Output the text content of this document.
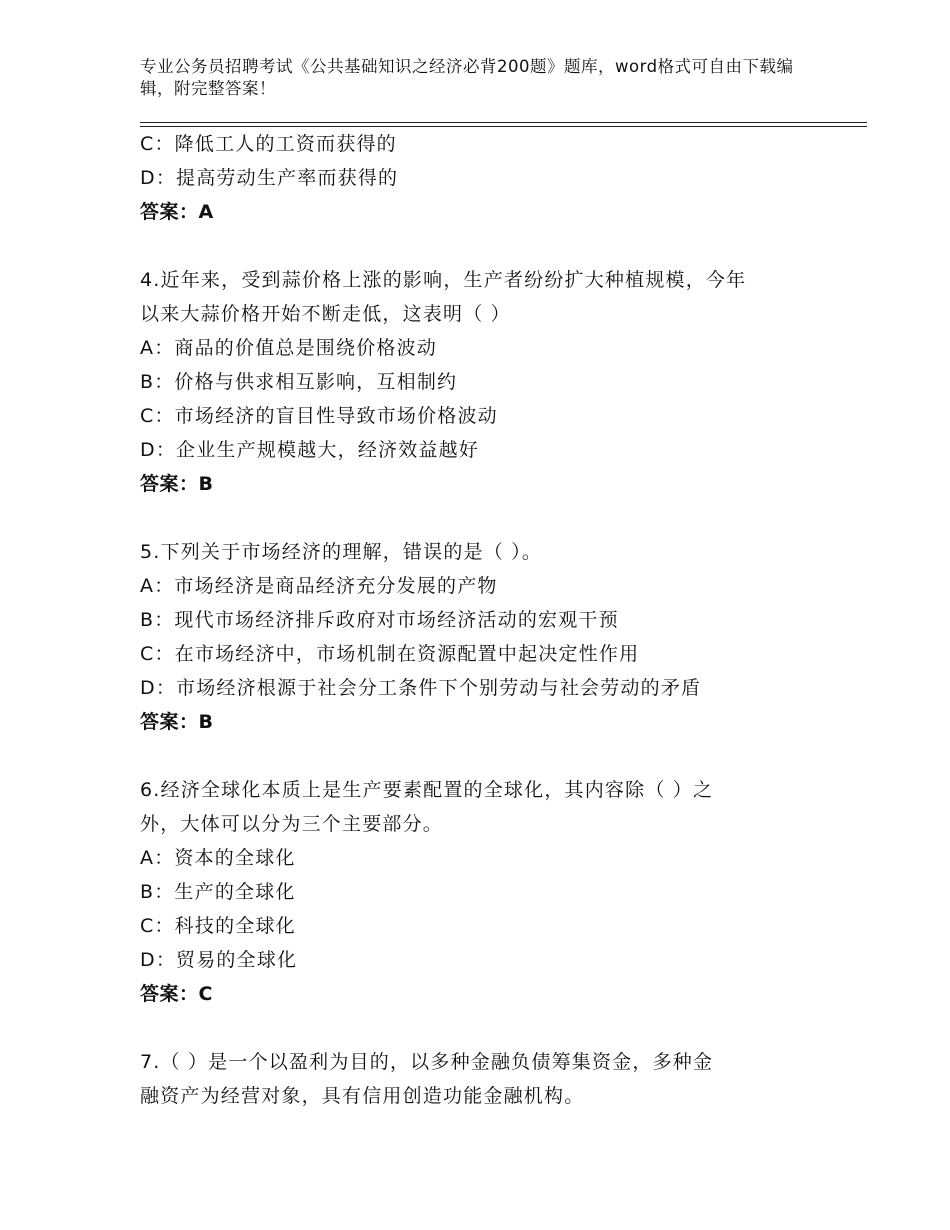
专业公务员招聘考试《公共基础知识之经济必背200题》题库，word格式可自由下载编辑，附完整答案！
C：降低工人的工资而获得的
D：提高劳动生产率而获得的
答案：A
4.近年来，受到蒜价格上涨的影响，生产者纷纷扩大种植规模，今年
以来大蒜价格开始不断走低，这表明（ ）
A：商品的价值总是围绕价格波动
B：价格与供求相互影响，互相制约
C：市场经济的盲目性导致市场价格波动
D：企业生产规模越大，经济效益越好
答案：B
5.下列关于市场经济的理解，错误的是（ ）。
A：市场经济是商品经济充分发展的产物
B：现代市场经济排斥政府对市场经济活动的宏观干预
C：在市场经济中，市场机制在资源配置中起决定性作用
D：市场经济根源于社会分工条件下个别劳动与社会劳动的矛盾
答案：B
6.经济全球化本质上是生产要素配置的全球化，其内容除（ ）之
外，大体可以分为三个主要部分。
A：资本的全球化
B：生产的全球化
C：科技的全球化
D：贸易的全球化
答案：C
7.（ ）是一个以盈利为目的，以多种金融负债筹集资金，多种金
融资产为经营对象，具有信用创造功能金融机构。
